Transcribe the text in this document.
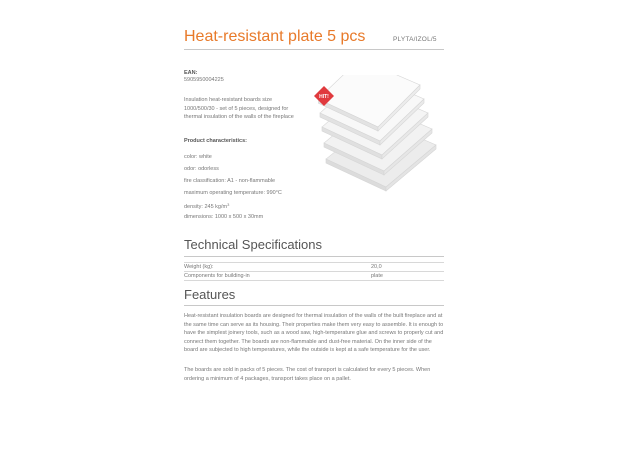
Heat-resistant plate 5 pcs	PLYTA/IZOL/5
EAN:
5905950004225
Insulation heat-resistant boards size 1000/500/30 - set of 5 pieces, designed for thermal insulation of the walls of the fireplace
Product characteristics:
color: white
odor: odorless
fire classification: A1 - non-flammable
maximum operating temperature: 990°C
density: 245 $kg/m^3$
dimensions: 1000 x 500 x 30mm
HIT!
Technical Specifications
Weight (kg):	20,0
Components for building-in	plate
Features
Heat-resistant insulation boards are designed for thermal insulation of the walls of the built fireplace and at the same time can serve as its housing. Their properties make them very easy to assemble. It is enough to have the simplest joinery tools, such as a wood saw, high-temperature glue and screws to properly cut and connect them together. The boards are non-flammable and dust-free material. On the inner side of the board are subjected to high temperatures, while the outside is kept at a safe temperature for the user.
The boards are sold in packs of 5 pieces. The cost of transport is calculated for every 5 pieces. When ordering a minimum of 4 packages, transport takes place on a pallet.
